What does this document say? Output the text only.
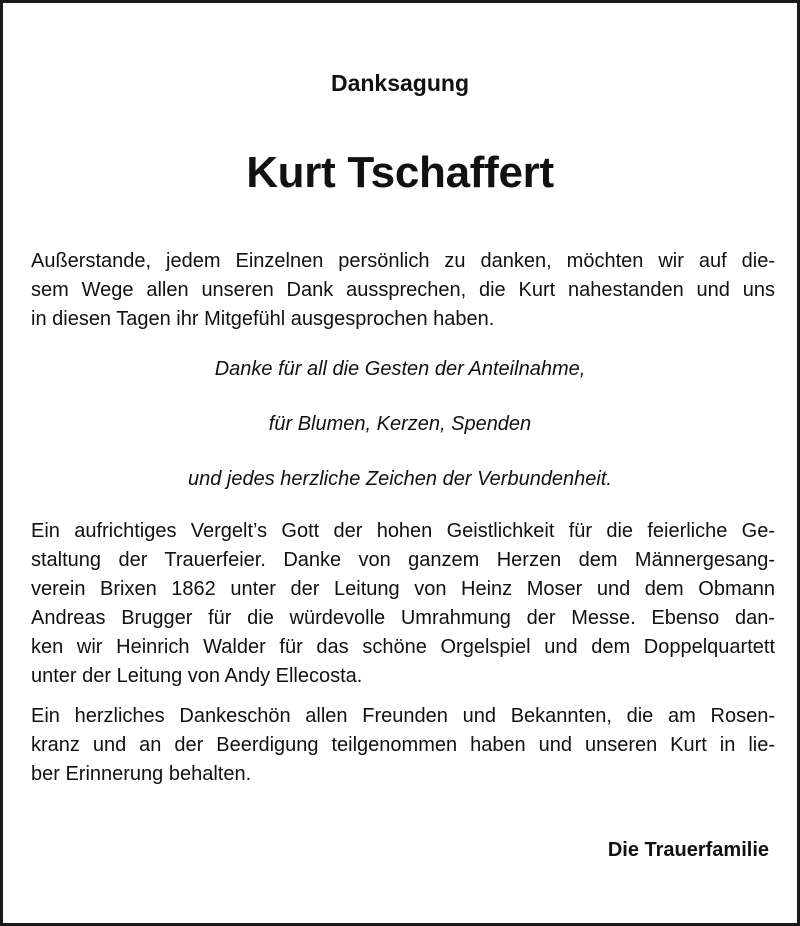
Danksagung
Kurt Tschaffert
Außerstande, jedem Einzelnen persönlich zu danken, möchten wir auf die-
sem Wege allen unseren Dank aussprechen, die Kurt nahestanden und uns
in diesen Tagen ihr Mitgefühl ausgesprochen haben.

Danke für all die Gesten der Anteilnahme,

für Blumen, Kerzen, Spenden

und jedes herzliche Zeichen der Verbundenheit.

Ein aufrichtiges Vergelt’s Gott der hohen Geistlichkeit für die feierliche Ge-
staltung der Trauerfeier. Danke von ganzem Herzen dem Männergesang-
verein Brixen 1862 unter der Leitung von Heinz Moser und dem Obmann
Andreas Brugger für die würdevolle Umrahmung der Messe. Ebenso dan-
ken wir Heinrich Walder für das schöne Orgelspiel und dem Doppelquartett
unter der Leitung von Andy Ellecosta.
Ein herzliches Dankeschön allen Freunden und Bekannten, die am Rosen-
kranz und an der Beerdigung teilgenommen haben und unseren Kurt in lie-
ber Erinnerung behalten.

Die Trauerfamilie
